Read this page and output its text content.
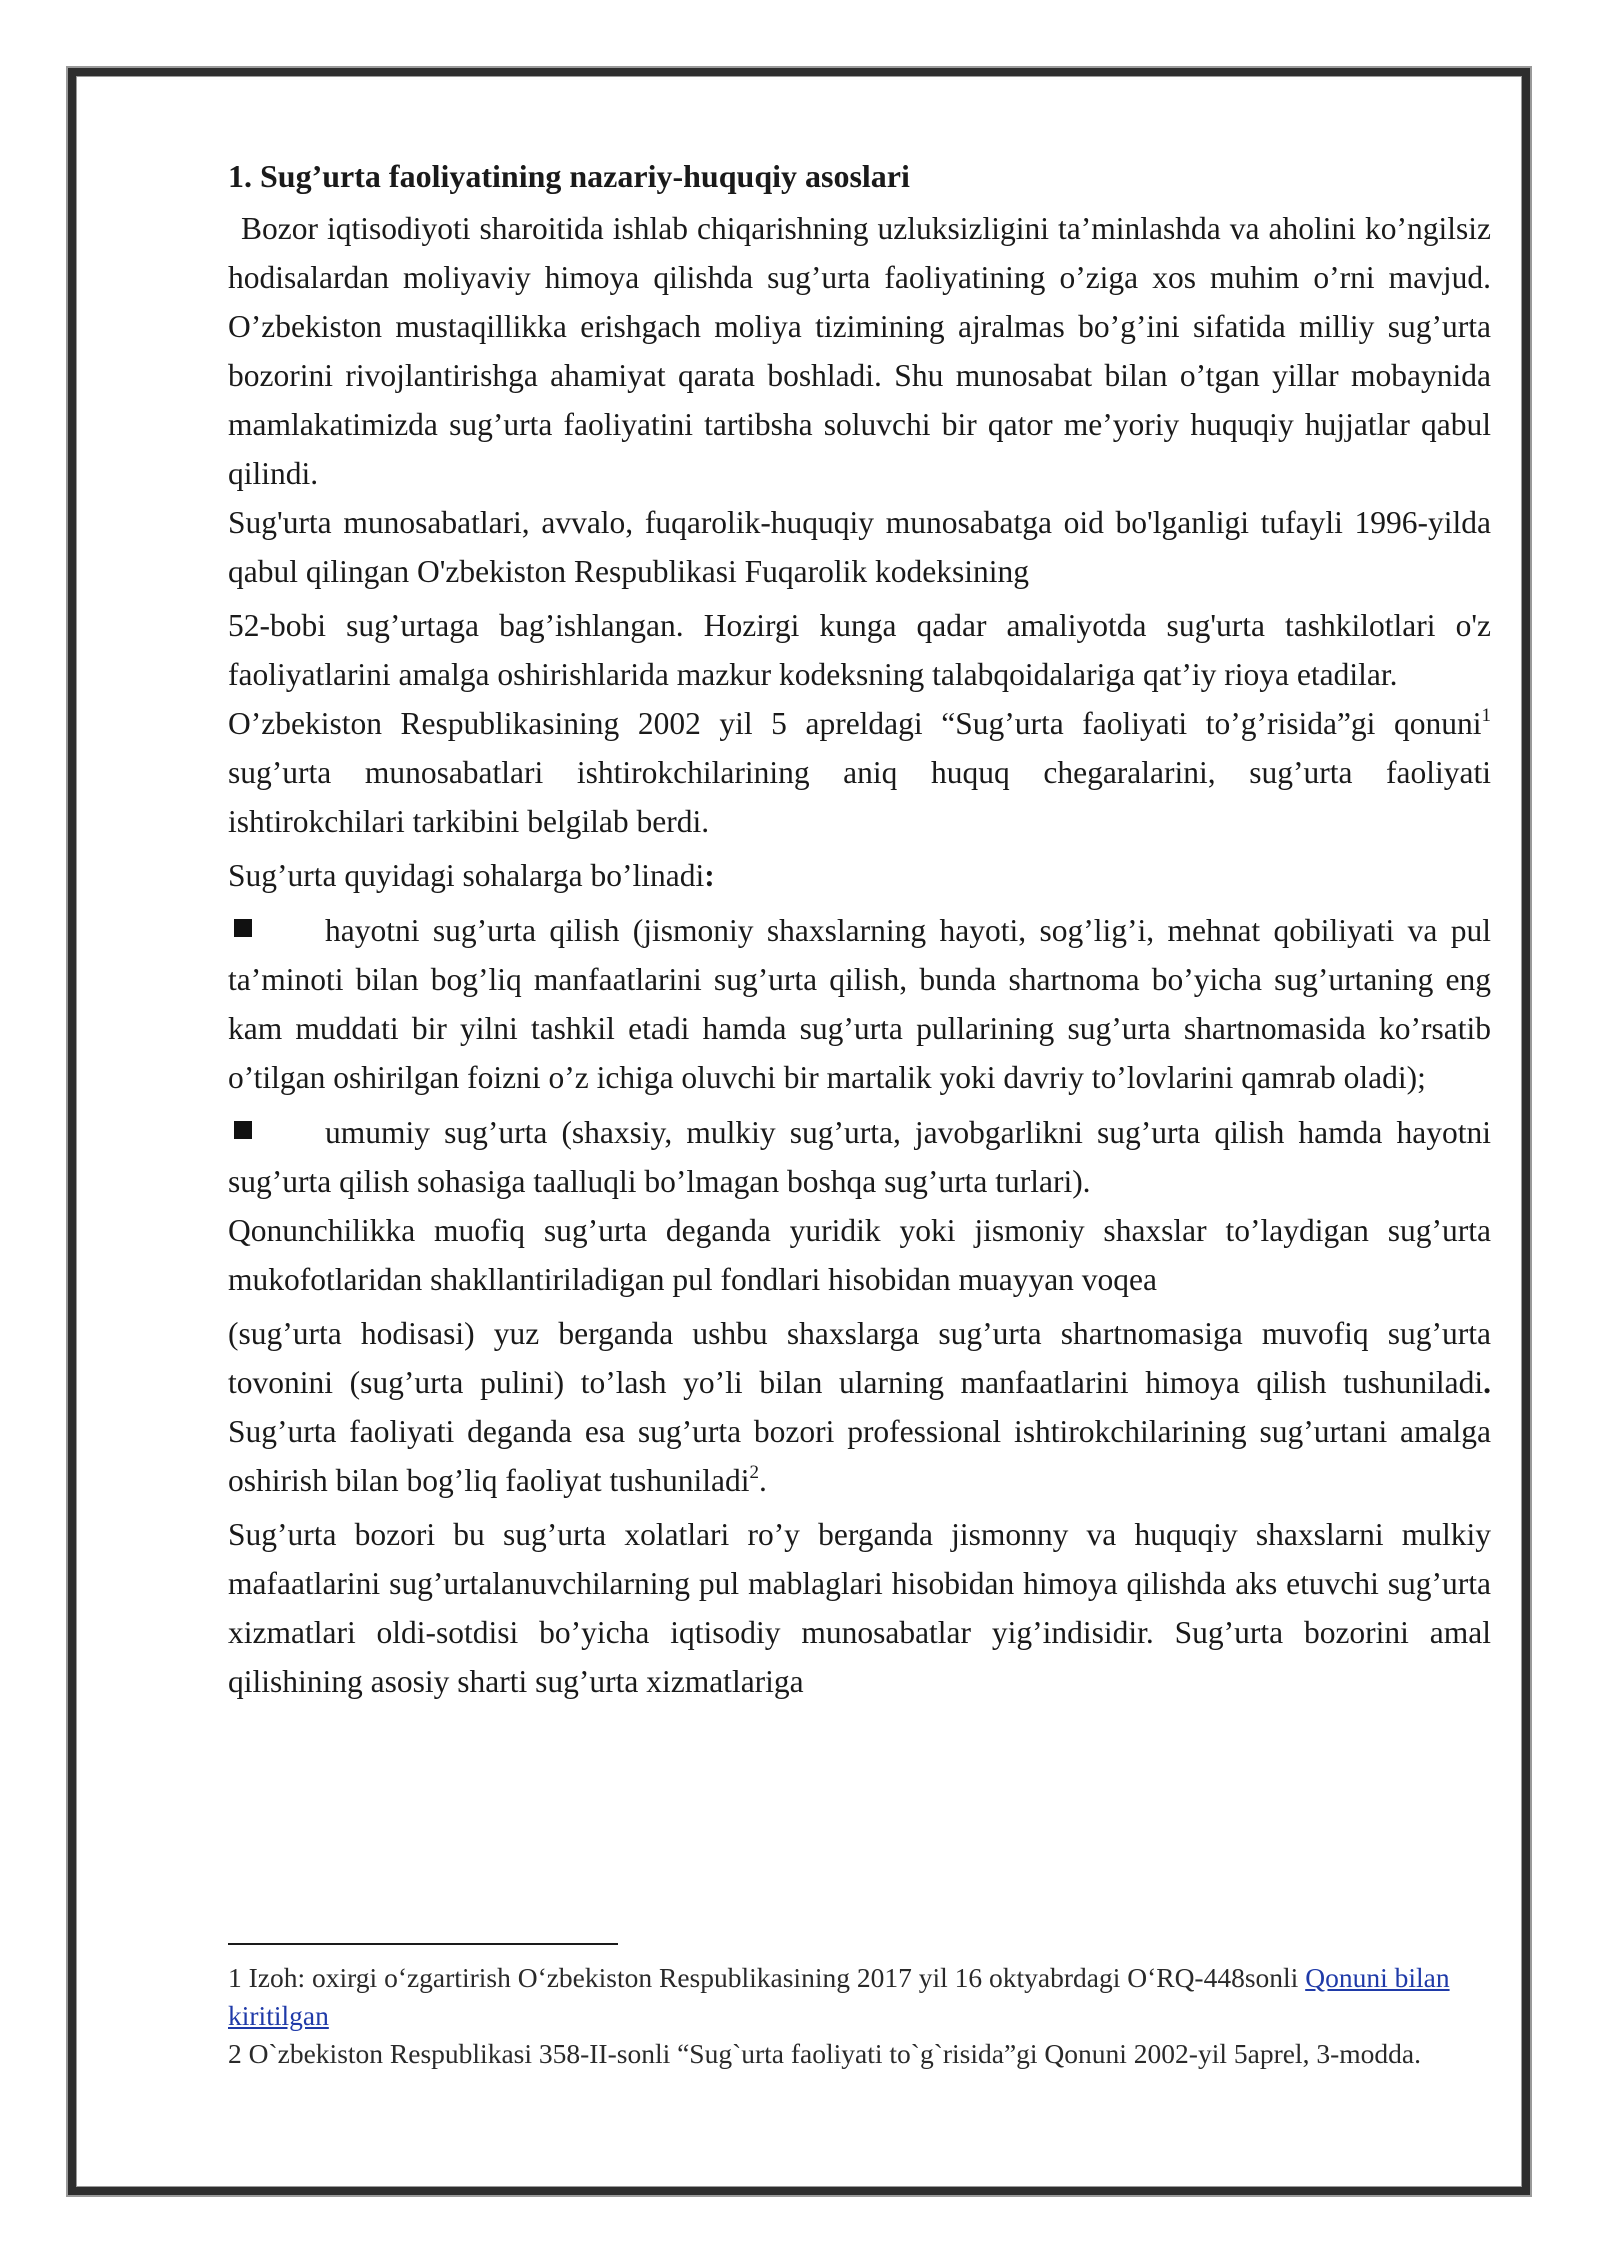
1. Sug’urta faoliyatining nazariy-huquqiy asoslari

Bozor iqtisodiyoti sharoitida ishlab chiqarishning uzluksizligini ta’minlashda va aholini ko’ngilsiz hodisalardan moliyaviy himoya qilishda sug’urta faoliyatining o’ziga xos muhim o’rni mavjud. O’zbekiston mustaqillikka erishgach moliya tizimining ajralmas bo’g’ini sifatida milliy sug’urta bozorini rivojlantirishga ahamiyat qarata boshladi. Shu munosabat bilan o’tgan yillar mobaynida mamlakatimizda sug’urta faoliyatini tartibsha soluvchi bir qator me’yoriy huquqiy hujjatlar qabul qilindi.

Sug'urta munosabatlari, avvalo, fuqarolik-huquqiy munosabatga oid bo'lganligi tufayli 1996-yilda qabul qilingan O'zbekiston Respublikasi Fuqarolik kodeksining

52-bobi sug’urtaga bag’ishlangan. Hozirgi kunga qadar amaliyotda sug'urta tashkilotlari o'z faoliyatlarini amalga oshirishlarida mazkur kodeksning talabqoidalariga qat’iy rioya etadilar.

O’zbekiston Respublikasining 2002 yil 5 apreldagi “Sug’urta faoliyati to’g’risida”gi qonuni$^1$ sug’urta munosabatlari ishtirokchilarining aniq huquq chegaralarini, sug’urta faoliyati ishtirokchilari tarkibini belgilab berdi.

Sug’urta quyidagi sohalarga bo’linadi:

hayotni sug’urta qilish (jismoniy shaxslarning hayoti, sog’lig’i, mehnat qobiliyati va pul ta’minoti bilan bog’liq manfaatlarini sug’urta qilish, bunda shartnoma bo’yicha sug’urtaning eng kam muddati bir yilni tashkil etadi hamda sug’urta pullarining sug’urta shartnomasida ko’rsatib o’tilgan oshirilgan foizni o’z ichiga oluvchi bir martalik yoki davriy to’lovlarini qamrab oladi);

umumiy sug’urta (shaxsiy, mulkiy sug’urta, javobgarlikni sug’urta qilish hamda hayotni sug’urta qilish sohasiga taalluqli bo’lmagan boshqa sug’urta turlari).

Qonunchilikka muofiq sug’urta deganda yuridik yoki jismoniy shaxslar to’laydigan sug’urta mukofotlaridan shakllantiriladigan pul fondlari hisobidan muayyan voqea

(sug’urta hodisasi) yuz berganda ushbu shaxslarga sug’urta shartnomasiga muvofiq sug’urta tovonini (sug’urta pulini) to’lash yo’li bilan ularning manfaatlarini himoya qilish tushuniladi. Sug’urta faoliyati deganda esa sug’urta bozori professional ishtirokchilarining sug’urtani amalga oshirish bilan bog’liq faoliyat tushuniladi$^2$.

Sug’urta bozori bu sug’urta xolatlari ro’y berganda jismonny va huquqiy shaxslarni mulkiy mafaatlarini sug’urtalanuvchilarning pul mablaglari hisobidan himoya qilishda aks etuvchi sug’urta xizmatlari oldi-sotdisi bo’yicha iqtisodiy munosabatlar yig’indisidir. Sug’urta bozorini amal qilishining asosiy sharti sug’urta xizmatlariga

1 Izoh: oxirgi oʻzgartirish Oʻzbekiston Respublikasining 2017 yil 16 oktyabrdagi OʻRQ-448sonli Qonuni bilan kiritilgan

2 O`zbekiston Respublikasi 358-II-sonli “Sug`urta faoliyati to`g`risida”gi Qonuni 2002-yil 5aprel, 3-modda.
